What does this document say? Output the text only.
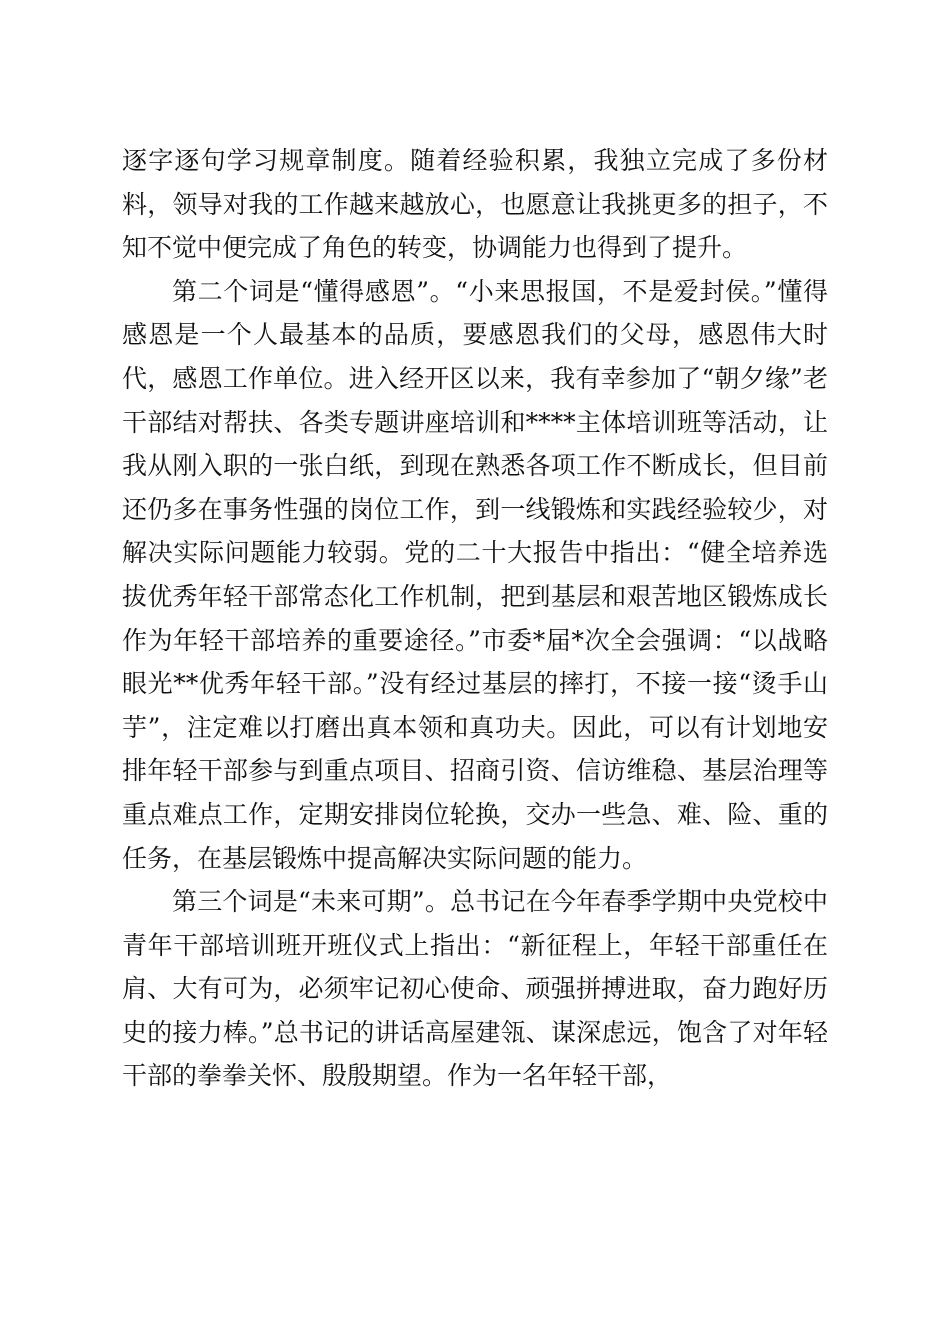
逐字逐句学习规章制度。随着经验积累，我独立完成了多份材料，领导对我的工作越来越放心，也愿意让我挑更多的担子，不知不觉中便完成了角色的转变，协调能力也得到了提升。

第二个词是“懂得感恩”。“小来思报国，不是爱封侯。”懂得感恩是一个人最基本的品质，要感恩我们的父母，感恩伟大时代，感恩工作单位。进入经开区以来，我有幸参加了“朝夕缘”老干部结对帮扶、各类专题讲座培训和****主体培训班等活动，让我从刚入职的一张白纸，到现在熟悉各项工作不断成长，但目前还仍多在事务性强的岗位工作，到一线锻炼和实践经验较少，对解决实际问题能力较弱。党的二十大报告中指出：“健全培养选拔优秀年轻干部常态化工作机制，把到基层和艰苦地区锻炼成长作为年轻干部培养的重要途径。”市委*届*次全会强调：“以战略眼光**优秀年轻干部。”没有经过基层的摔打，不接一接“烫手山芋”，注定难以打磨出真本领和真功夫。因此，可以有计划地安排年轻干部参与到重点项目、招商引资、信访维稳、基层治理等重点难点工作，定期安排岗位轮换，交办一些急、难、险、重的任务，在基层锻炼中提高解决实际问题的能力。

第三个词是“未来可期”。总书记在今年春季学期中央党校中青年干部培训班开班仪式上指出：“新征程上，年轻干部重任在肩、大有可为，必须牢记初心使命、顽强拼搏进取，奋力跑好历史的接力棒。”总书记的讲话高屋建瓴、谋深虑远，饱含了对年轻干部的拳拳关怀、殷殷期望。作为一名年轻干部，
